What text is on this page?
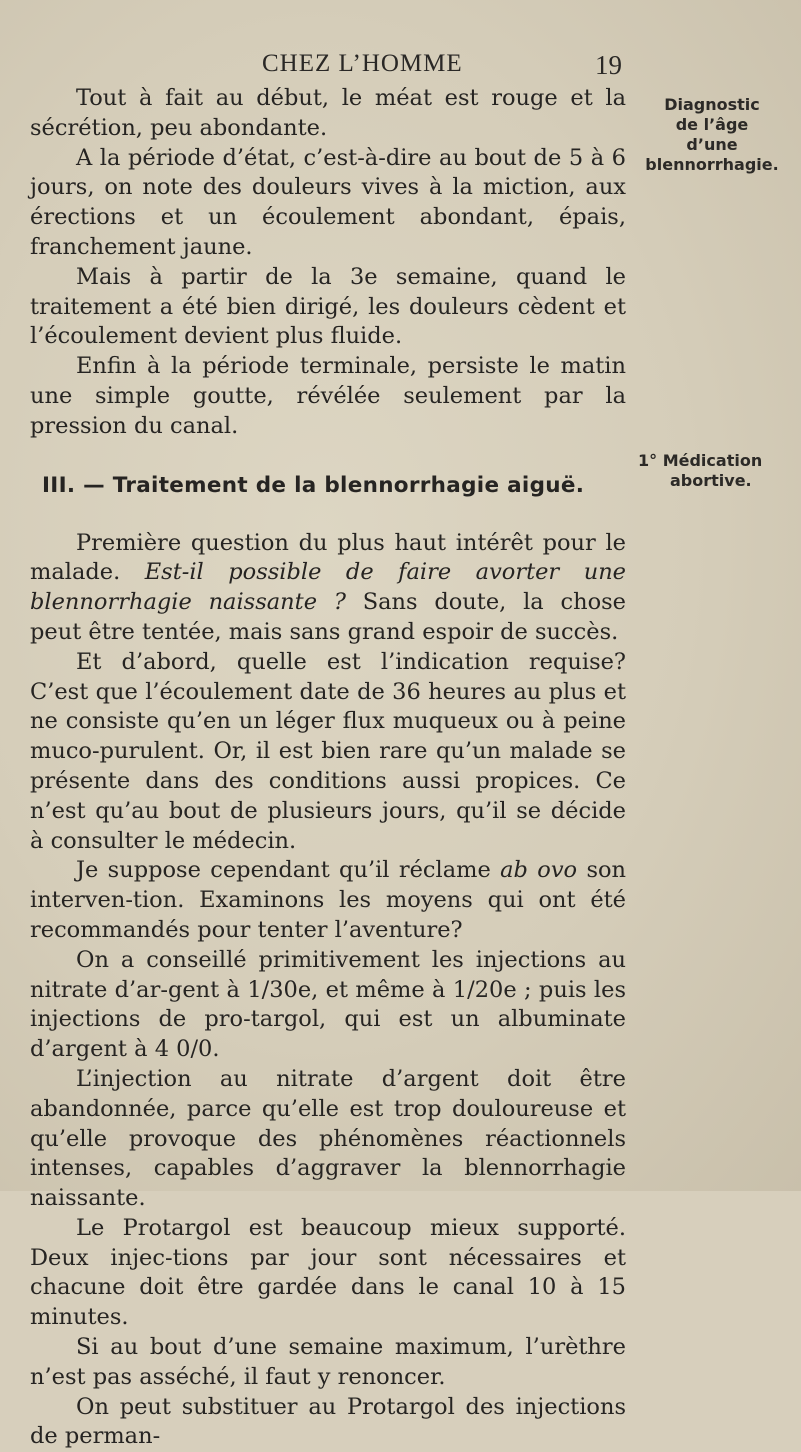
CHEZ L’HOMME	19
Diagnostic
de l’âge
d’une
blennorrhagie.
1° Médication
abortive.

Tout à fait au début, le méat est rouge et la sécrétion, peu abondante.

A la période d’état, c’est-à-dire au bout de 5 à 6 jours, on note des douleurs vives à la miction, aux érections et un écoulement abondant, épais, franchement jaune.

Mais à partir de la 3e semaine, quand le traitement a été bien dirigé, les douleurs cèdent et l’écoulement devient plus fluide.

Enfin à la période terminale, persiste le matin une simple goutte, révélée seulement par la pression du canal.

III. — Traitement de la blennorrhagie aiguë.

Première question du plus haut intérêt pour le malade. Est-il possible de faire avorter une blennorrhagie naissante ? Sans doute, la chose peut être tentée, mais sans grand espoir de succès.

Et d’abord, quelle est l’indication requise? C’est que l’écoulement date de 36 heures au plus et ne consiste qu’en un léger flux muqueux ou à peine muco-purulent. Or, il est bien rare qu’un malade se présente dans des conditions aussi propices. Ce n’est qu’au bout de plusieurs jours, qu’il se décide à consulter le médecin.

Je suppose cependant qu’il réclame ab ovo son interven-tion. Examinons les moyens qui ont été recommandés pour tenter l’aventure?

On a conseillé primitivement les injections au nitrate d’ar-gent à 1/30e, et même à 1/20e ; puis les injections de pro-targol, qui est un albuminate d’argent à 4 0/0.

L’injection au nitrate d’argent doit être abandonnée, parce qu’elle est trop douloureuse et qu’elle provoque des phénomènes réactionnels intenses, capables d’aggraver la blennorrhagie naissante.

Le Protargol est beaucoup mieux supporté. Deux injec-tions par jour sont nécessaires et chacune doit être gardée dans le canal 10 à 15 minutes.

Si au bout d’une semaine maximum, l’urèthre n’est pas asséché, il faut y renoncer.

On peut substituer au Protargol des injections de perman-
